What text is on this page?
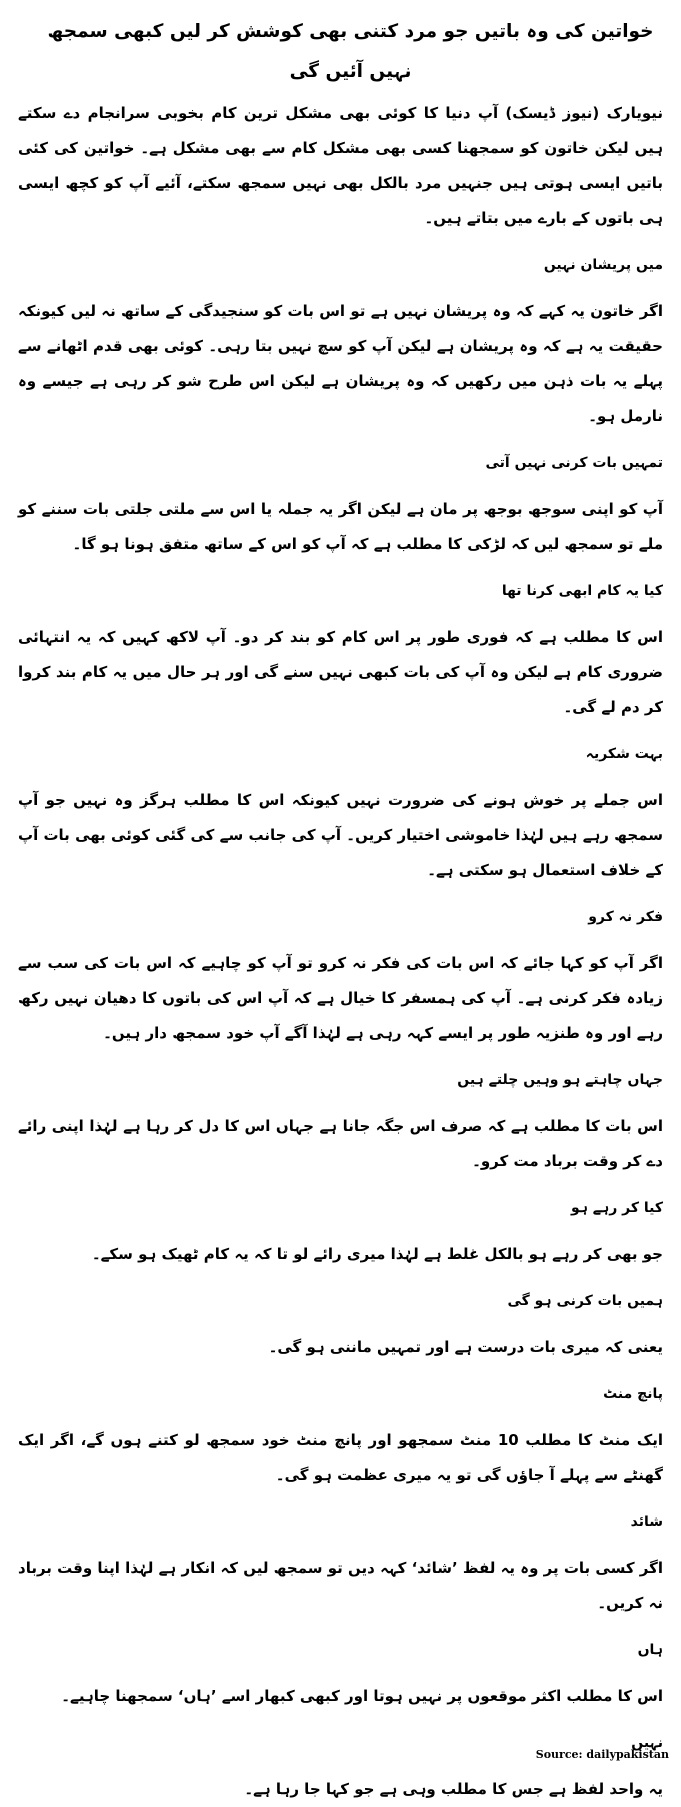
خواتین کی وہ باتیں جو مرد کتنی بھی کوشش کر لیں کبھی سمجھ نہیں آئیں گی

نیویارک (نیوز ڈیسک) آپ دنیا کا کوئی بھی مشکل ترین کام بخوبی سرانجام دے سکتے ہیں لیکن خاتون کو سمجھنا کسی بھی مشکل کام سے بھی مشکل ہے۔ خواتین کی کئی باتیں ایسی ہوتی ہیں جنہیں مرد بالکل بھی نہیں سمجھ سکتے، آئیے آپ کو کچھ ایسی ہی باتوں کے بارے میں بتاتے ہیں۔

میں پریشان نہیں

اگر خاتون یہ کہے کہ وہ پریشان نہیں ہے تو اس بات کو سنجیدگی کے ساتھ نہ لیں کیونکہ حقیقت یہ ہے کہ وہ پریشان ہے لیکن آپ کو سچ نہیں بتا رہی۔ کوئی بھی قدم اٹھانے سے پہلے یہ بات ذہن میں رکھیں کہ وہ پریشان ہے لیکن اس طرح شو کر رہی ہے جیسے وہ نارمل ہو۔

تمہیں بات کرنی نہیں آتی

آپ کو اپنی سوجھ بوجھ پر مان ہے لیکن اگر یہ جملہ یا اس سے ملتی جلتی بات سننے کو ملے تو سمجھ لیں کہ لڑکی کا مطلب ہے کہ آپ کو اس کے ساتھ متفق ہونا ہو گا۔

کیا یہ کام ابھی کرنا تھا

اس کا مطلب ہے کہ فوری طور پر اس کام کو بند کر دو۔ آپ لاکھ کہیں کہ یہ انتہائی ضروری کام ہے لیکن وہ آپ کی بات کبھی نہیں سنے گی اور ہر حال میں یہ کام بند کروا کر دم لے گی۔

بہت شکریہ

اس جملے پر خوش ہونے کی ضرورت نہیں کیونکہ اس کا مطلب ہرگز وہ نہیں جو آپ سمجھ رہے ہیں لہٰذا خاموشی اختیار کریں۔ آپ کی جانب سے کی گئی کوئی بھی بات آپ کے خلاف استعمال ہو سکتی ہے۔

فکر نہ کرو

اگر آپ کو کہا جائے کہ اس بات کی فکر نہ کرو تو آپ کو چاہیے کہ اس بات کی سب سے زیادہ فکر کرنی ہے۔ آپ کی ہمسفر کا خیال ہے کہ آپ اس کی باتوں کا دھیان نہیں رکھ رہے اور وہ طنزیہ طور پر ایسے کہہ رہی ہے لہٰذا آگے آپ خود سمجھ دار ہیں۔

جہاں چاہتے ہو وہیں چلتے ہیں

اس بات کا مطلب ہے کہ صرف اس جگہ جانا ہے جہاں اس کا دل کر رہا ہے لہٰذا اپنی رائے دے کر وقت برباد مت کرو۔

کیا کر رہے ہو

جو بھی کر رہے ہو بالکل غلط ہے لہٰذا میری رائے لو تا کہ یہ کام ٹھیک ہو سکے۔

ہمیں بات کرنی ہو گی

یعنی کہ میری بات درست ہے اور تمہیں ماننی ہو گی۔

پانچ منٹ

ایک منٹ کا مطلب 10 منٹ سمجھو اور پانچ منٹ خود سمجھ لو کتنے ہوں گے، اگر ایک گھنٹے سے پہلے آ جاؤں گی تو یہ میری عظمت ہو گی۔

شائد

اگر کسی بات پر وہ یہ لفظ ’شائد‘ کہہ دیں تو سمجھ لیں کہ انکار ہے لہٰذا اپنا وقت برباد نہ کریں۔

ہاں

اس کا مطلب اکثر موقعوں پر نہیں ہوتا اور کبھی کبھار اسے ’ہاں‘ سمجھنا چاہیے۔

نہیں

یہ واحد لفظ ہے جس کا مطلب وہی ہے جو کہا جا رہا ہے۔

Source: dailypakistan
